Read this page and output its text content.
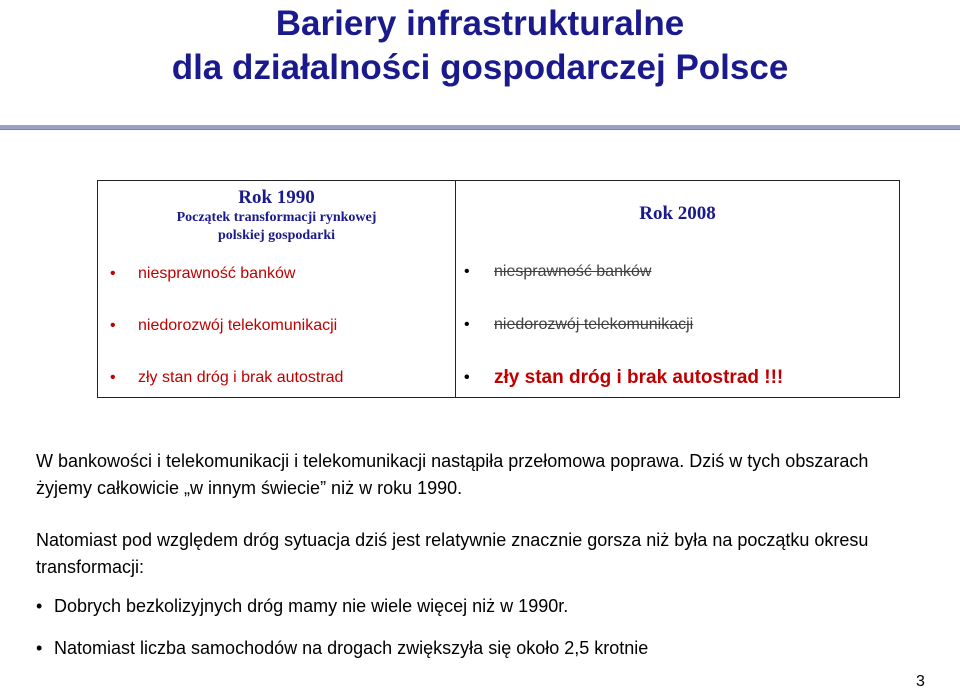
Bariery infrastrukturalne
dla działalności gospodarczej Polsce
Rok 1990
Początek transformacji rynkowej
polskiej gospodarki
• niesprawność banków
• niedorozwój telekomunikacji
• zły stan dróg i brak autostrad
Rok 2008
• niesprawność banków
• niedorozwój telekomunikacji
• zły stan dróg i brak autostrad !!!

W bankowości i telekomunikacji i telekomunikacji nastąpiła przełomowa poprawa. Dziś w tych obszarach żyjemy całkowicie „w innym świecie” niż w roku 1990.

Natomiast pod względem dróg sytuacja dziś jest relatywnie znacznie gorsza niż była na początku okresu transformacji:

• Dobrych bezkolizyjnych dróg mamy nie wiele więcej niż w 1990r.
• Natomiast liczba samochodów na drogach zwiększyła się około 2,5 krotnie
3
